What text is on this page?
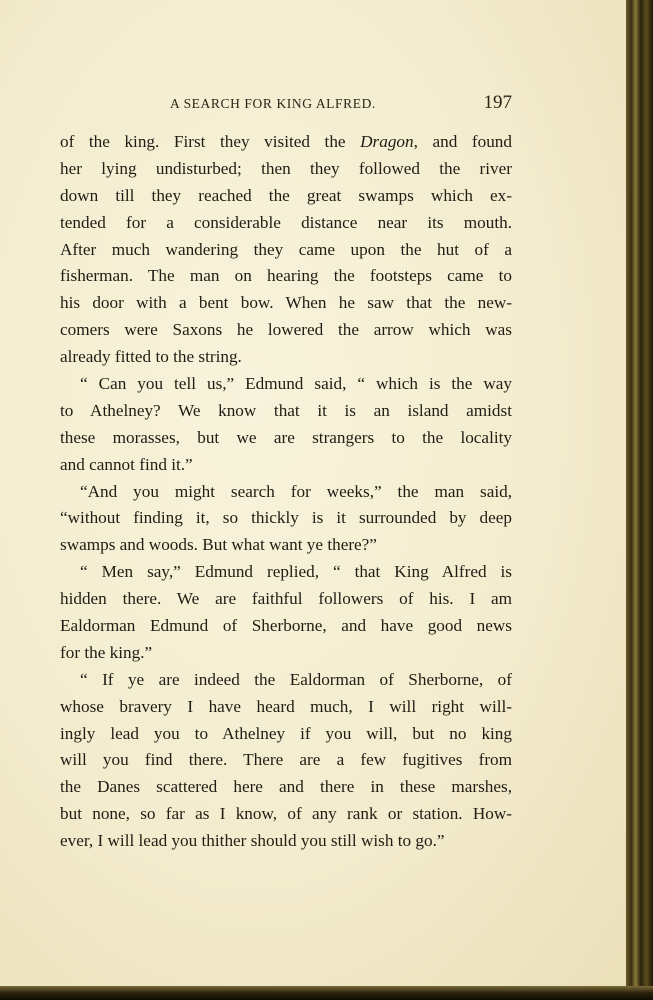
A SEARCH FOR KING ALFRED.	197
of the king. First they visited the Dragon, and found
her lying undisturbed; then they followed the river
down till they reached the great swamps which ex-
tended for a considerable distance near its mouth.
After much wandering they came upon the hut of a
fisherman. The man on hearing the footsteps came to
his door with a bent bow. When he saw that the new-
comers were Saxons he lowered the arrow which was
already fitted to the string.
“ Can you tell us,” Edmund said, “ which is the way
to Athelney? We know that it is an island amidst
these morasses, but we are strangers to the locality
and cannot find it.”
“And you might search for weeks,” the man said,
“without finding it, so thickly is it surrounded by deep
swamps and woods. But what want ye there?”
“ Men say,” Edmund replied, “ that King Alfred is
hidden there. We are faithful followers of his. I am
Ealdorman Edmund of Sherborne, and have good news
for the king.”
“ If ye are indeed the Ealdorman of Sherborne, of
whose bravery I have heard much, I will right will-
ingly lead you to Athelney if you will, but no king
will you find there. There are a few fugitives from
the Danes scattered here and there in these marshes,
but none, so far as I know, of any rank or station. How-
ever, I will lead you thither should you still wish to go.”
